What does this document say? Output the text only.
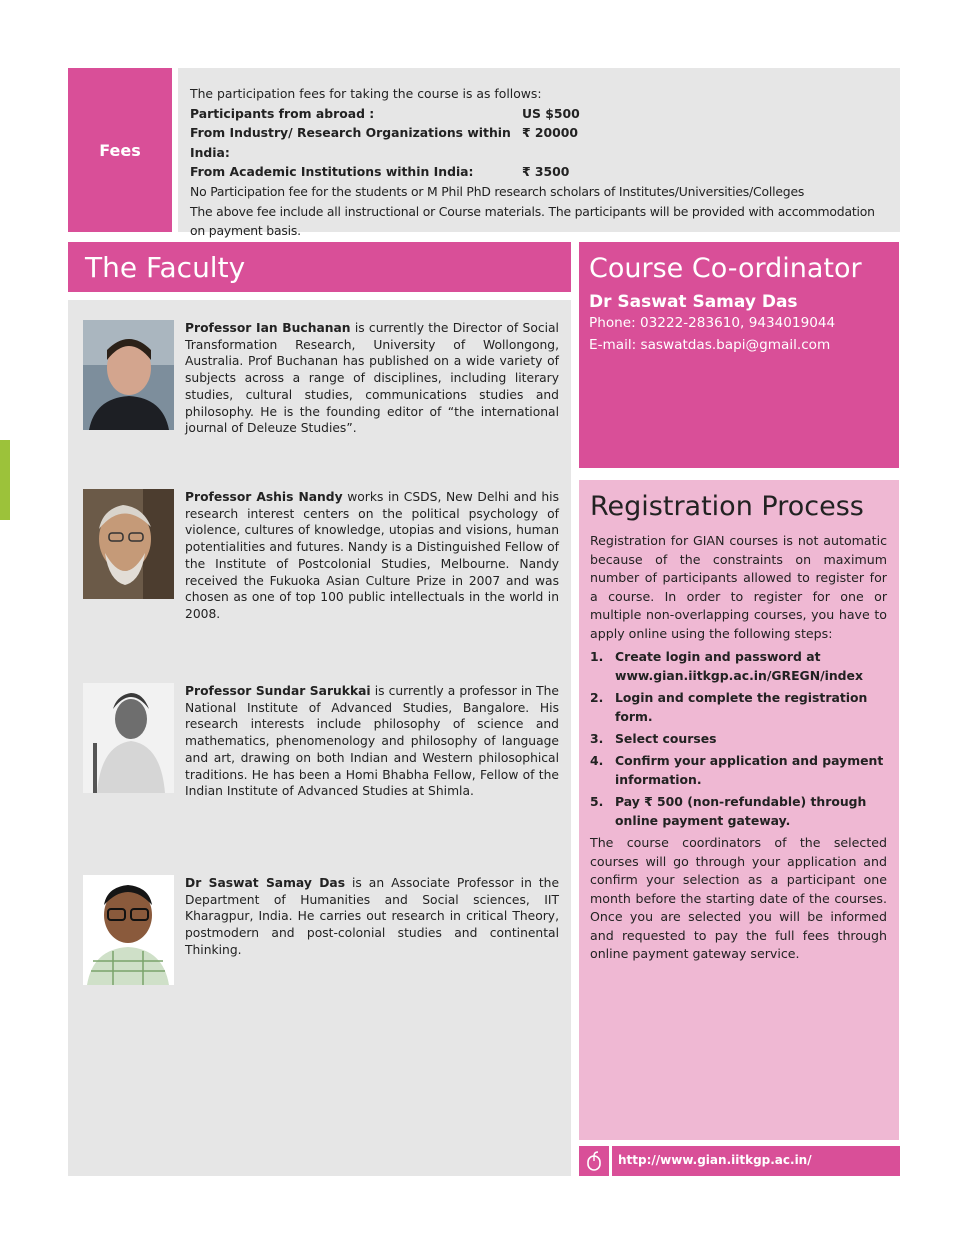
Fees
The participation fees for taking the course is as follows:
Participants from abroad :	US $500
From Industry/ Research Organizations within India:
₹ 20000
From Academic Institutions within India:	₹ 3500
No Participation fee for the students or M Phil PhD research scholars of Institutes/Universities/Colleges
The above fee include all instructional or Course materials. The participants will be provided with accommodation on payment basis.
The Faculty
Professor Ian Buchanan is currently the Director of Social Transformation Research, University of Wollongong, Australia. Prof Buchanan has published on a wide variety of subjects across a range of disciplines, including literary studies, cultural studies, communications studies and philosophy. He is the founding editor of “the international journal of Deleuze Studies”.
Professor Ashis Nandy works in CSDS, New Delhi and his research interest centers on the political psychology of violence, cultures of knowledge, utopias and visions, human potentialities and futures. Nandy is a Distinguished Fellow of the Institute of Postcolonial Studies, Melbourne. Nandy received the Fukuoka Asian Culture Prize in 2007 and was chosen as one of top 100 public intellectuals in the world in 2008.
Professor Sundar Sarukkai is currently a professor in The National Institute of Advanced Studies, Bangalore. His research interests include philosophy of science and mathematics, phenomenology and philosophy of language and art, drawing on both Indian and Western philosophical traditions. He has been a Homi Bhabha Fellow, Fellow of the Indian Institute of Advanced Studies at Shimla.
Dr Saswat Samay Das is an Associate Professor in the Department of Humanities and Social sciences, IIT Kharagpur, India. He carries out research in critical Theory, postmodern and post-colonial studies and continental Thinking.
Course Co-ordinator
Dr Saswat Samay Das
Phone: 03222-283610, 9434019044
E-mail: saswatdas.bapi@gmail.com
Registration Process
Registration for GIAN courses is not automatic because of the constraints on maximum number of participants allowed to register for a course. In order to register for one or multiple non-overlapping courses, you have to apply online using the following steps:
1. Create login and password at www.gian.iitkgp.ac.in/GREGN/index
2. Login and complete the registration form.
3. Select courses
4. Confirm your application and payment information.
5. Pay ₹ 500 (non-refundable) through online payment gateway.
The course coordinators of the selected courses will go through your application and confirm your selection as a participant one month before the starting date of the courses. Once you are selected you will be informed and requested to pay the full fees through online payment gateway service.
http://www.gian.iitkgp.ac.in/
